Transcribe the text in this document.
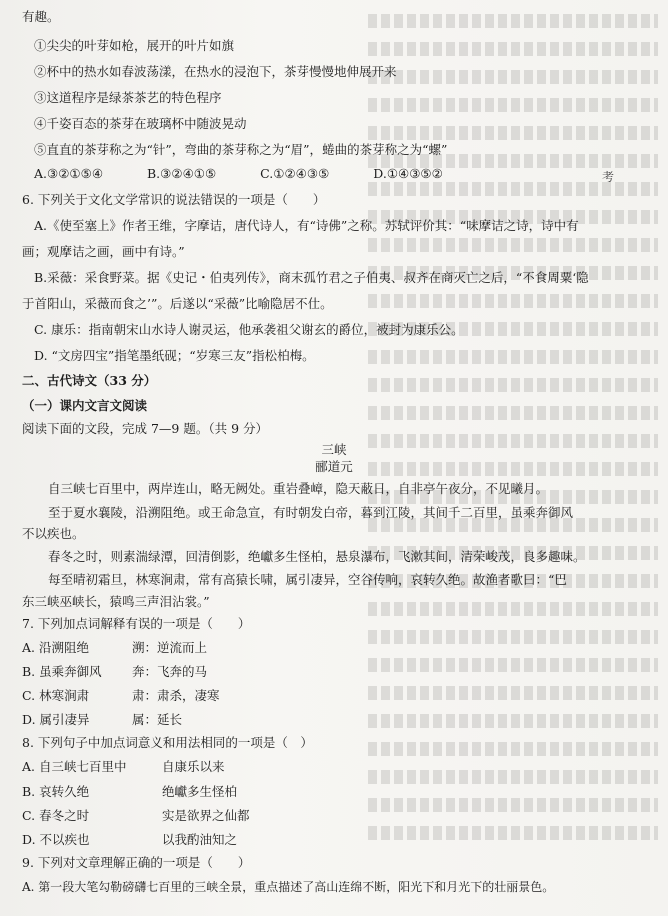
有趣。
①尖尖的叶芽如枪，展开的叶片如旗
②杯中的热水如春波荡漾，在热水的浸泡下，茶芽慢慢地伸展开来
③这道程序是绿茶茶艺的特色程序
④千姿百态的茶芽在玻璃杯中随波晃动
⑤直直的茶芽称之为“针”，弯曲的茶芽称之为“眉”，蜷曲的茶芽称之为“螺”
A.③②①⑤④	B.③②④①⑤	C.①②④③⑤	D.①④③⑤②	考
6. 下列关于文化文学常识的说法错误的一项是（　　）
A.《使至塞上》作者王维，字摩诘，唐代诗人，有“诗佛”之称。苏轼评价其：“味摩诘之诗，诗中有
画；观摩诘之画，画中有诗。”
B.采薇：采食野菜。据《史记・伯夷列传》，商末孤竹君之子伯夷、叔齐在商灭亡之后，“不食周粟‘隐
于首阳山，采薇而食之’”。后遂以“采薇”比喻隐居不仕。
C. 康乐：指南朝宋山水诗人谢灵运，他承袭祖父谢玄的爵位，被封为康乐公。
D. “文房四宝”指笔墨纸砚；“岁寒三友”指松柏梅。
二、古代诗文（33 分）
（一）课内文言文阅读
阅读下面的文段，完成 7—9 题。（共 9 分）
三峡
郦道元
自三峡七百里中，两岸连山，略无阙处。重岩叠嶂，隐天蔽日，自非亭午夜分，不见曦月。
至于夏水襄陵，沿溯阻绝。或王命急宣，有时朝发白帝，暮到江陵，其间千二百里，虽乘奔御风
不以疾也。
春冬之时，则素湍绿潭，回清倒影，绝巘多生怪柏，悬泉瀑布，飞漱其间，清荣峻茂，良多趣味。
每至晴初霜旦，林寒涧肃，常有高猿长啸，属引凄异，空谷传响，哀转久绝。故渔者歌曰：“巴
东三峡巫峡长，猿鸣三声泪沾裳。”
7. 下列加点词解释有误的一项是（　　）
A. 沿溯阻绝	溯：逆流而上
B. 虽乘奔御风 奔：飞奔的马
C. 林寒涧肃	肃：肃杀，凄寒
D. 属引凄异	属：延长
8. 下列句子中加点词意义和用法相同的一项是（　）
A. 自三峡七百里中	自康乐以来
B. 哀转久绝	绝巘多生怪柏
C. 春冬之时	实是欲界之仙都
D. 不以疾也	以我酌油知之
9. 下列对文章理解正确的一项是（　　）
A. 第一段大笔勾勒磅礴七百里的三峡全景，重点描述了高山连绵不断，阳光下和月光下的壮丽景色。
